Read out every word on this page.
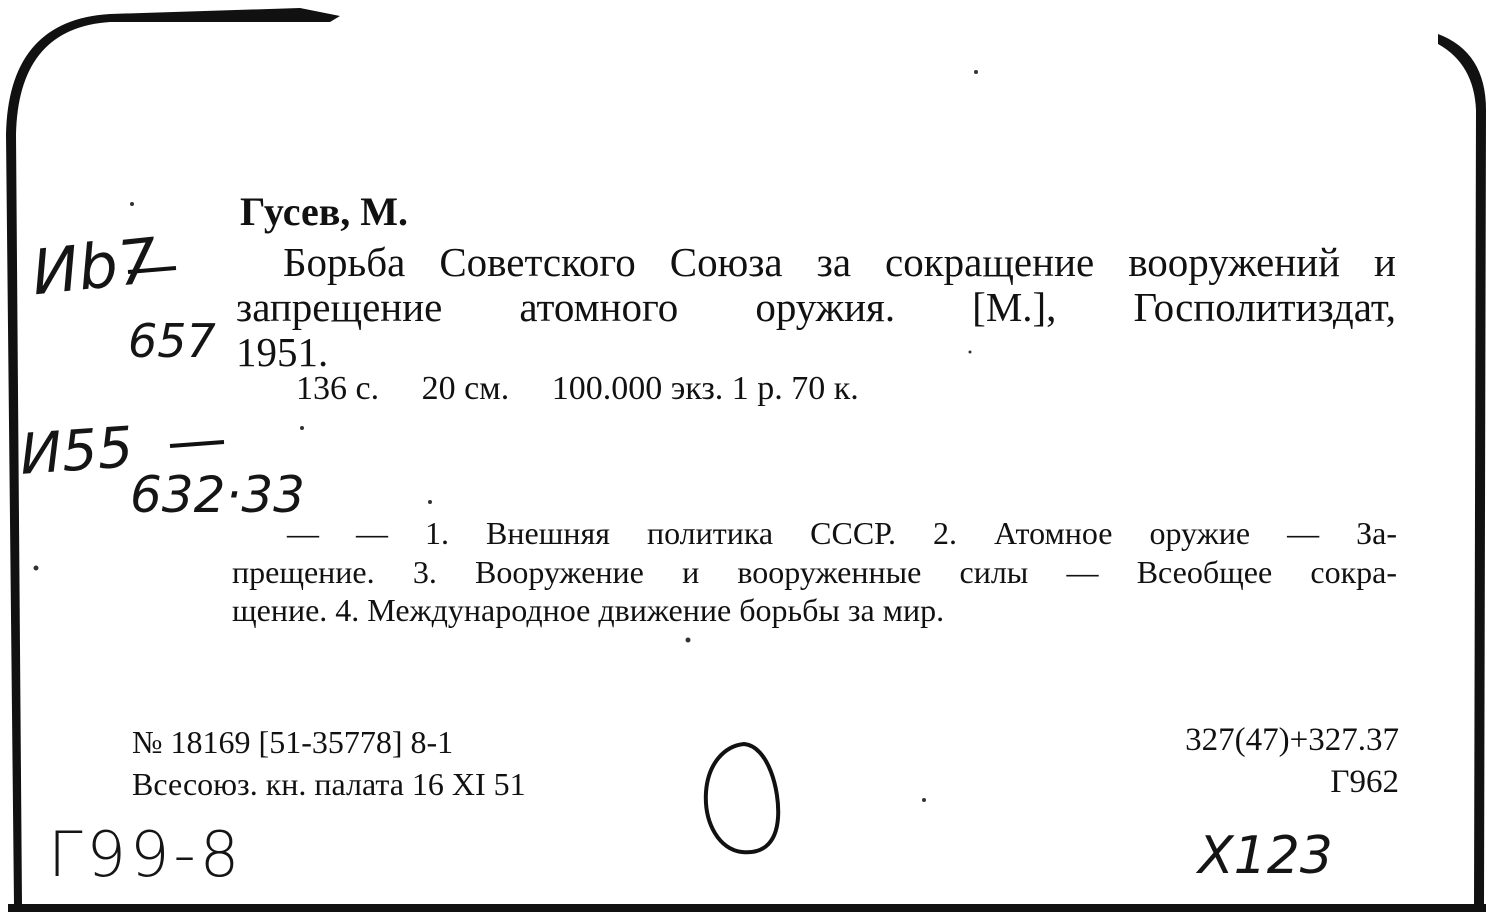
Гусев, М.
Борьба Советского Союза за сокращение вооружений и
запрещение атомного оружия. [М.], Госполитиздат,
1951.
136 с.     20 см.     100.000 экз. 1 р. 70 к.
— — 1. Внешняя политика СССР. 2. Атомное оружие — За-
прещение. 3. Вооружение и вооруженные силы — Всеобщее сокра-
щение. 4. Международное движение борьбы за мир.
№ 18169 [51-35778] 8-1
Всесоюз. кн. палата 16 XI 51
327(47)+327.37
Г962
Иb7
657
И55
632·33
Г99-8	Х123
